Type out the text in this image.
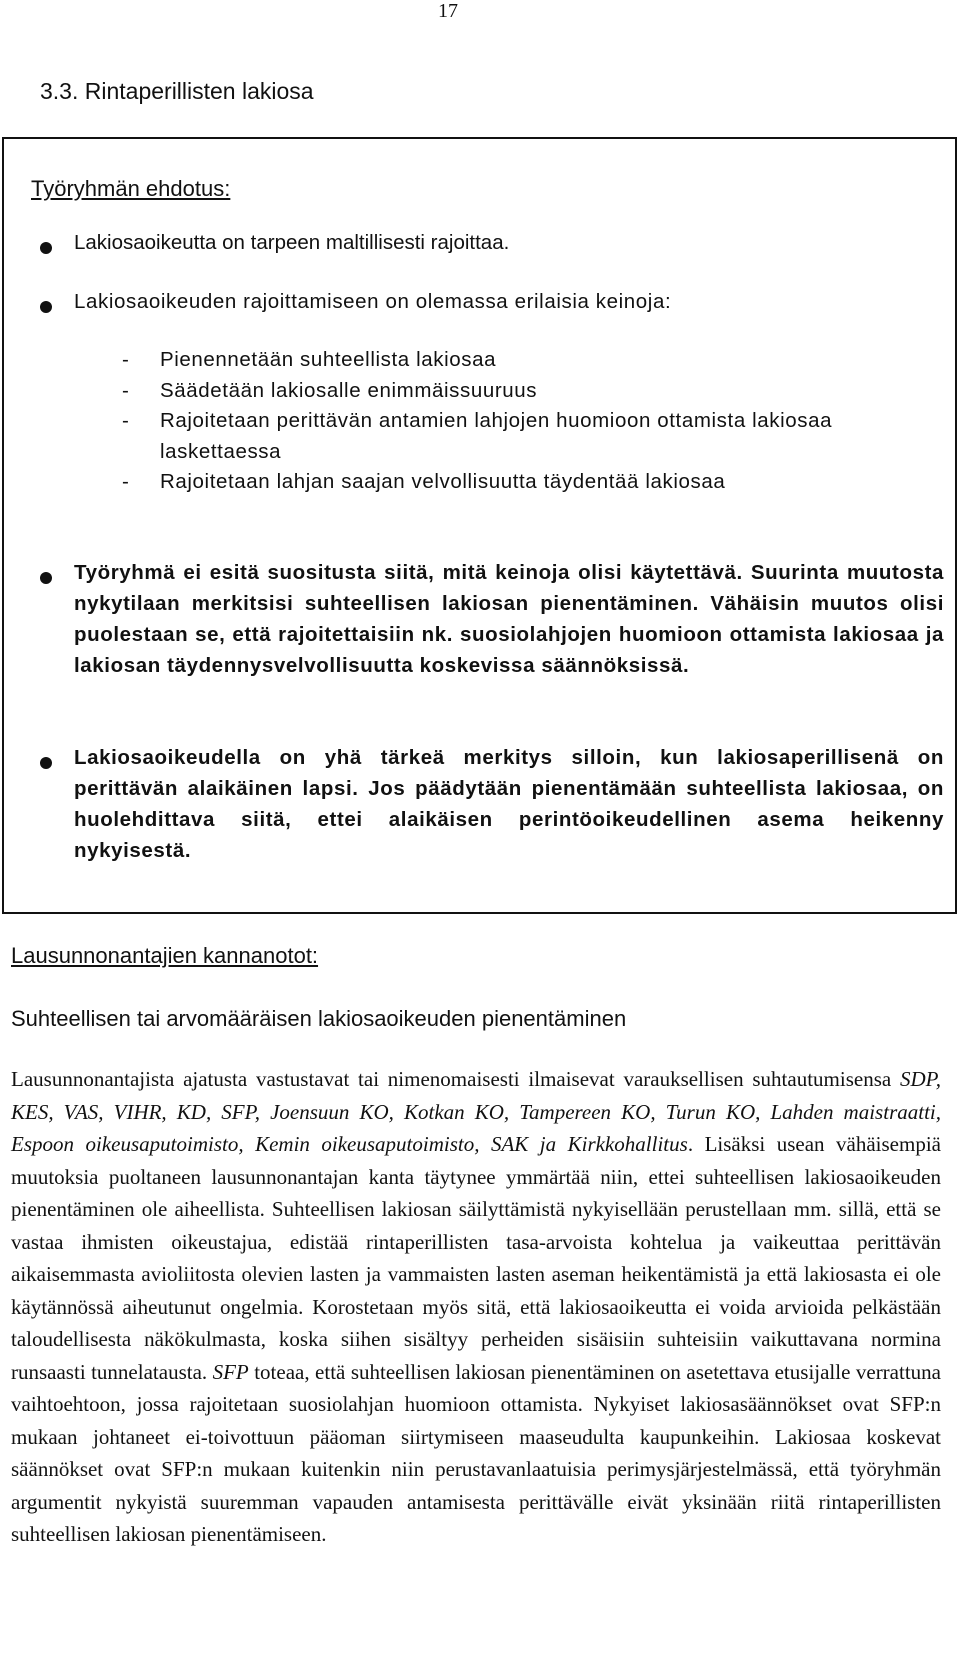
17
3.3. Rintaperillisten lakiosa
Työryhmän ehdotus:

Lakiosaoikeutta on tarpeen maltillisesti rajoittaa.

Lakiosaoikeuden rajoittamiseen on olemassa erilaisia keinoja:

- Pienennetään suhteellista lakiosaa
- Säädetään lakiosalle enimmäissuuruus
- Rajoitetaan perittävän antamien lahjojen huomioon ottamista lakiosaa laskettaessa
- Rajoitetaan lahjan saajan velvollisuutta täydentää lakiosaa

Työryhmä ei esitä suositusta siitä, mitä keinoja olisi käytettävä. Suurinta muutosta nykytilaan merkitsisi suhteellisen lakiosan pienentäminen. Vähäisin muutos olisi puolestaan se, että rajoitettaisiin nk. suosiolahjojen huomioon ottamista lakiosaa ja lakiosan täydennysvelvollisuutta koskevissa säännöksissä.

Lakiosaoikeudella on yhä tärkeä merkitys silloin, kun lakiosaperillisenä on perittävän alaikäinen lapsi. Jos päädytään pienentämään suhteellista lakiosaa, on huolehdittava siitä, ettei alaikäisen perintöoikeudellinen asema heikenny nykyisestä.

Lausunnonantajien kannanotot:
Suhteellisen tai arvomääräisen lakiosaoikeuden pienentäminen

Lausunnonantajista ajatusta vastustavat tai nimenomaisesti ilmaisevat varauksellisen suhtautumisensa SDP, KES, VAS, VIHR, KD, SFP, Joensuun KO, Kotkan KO, Tampereen KO, Turun KO, Lahden maistraatti, Espoon oikeusaputoimisto, Kemin oikeusaputoimisto, SAK ja Kirkkohallitus. Lisäksi usean vähäisempiä muutoksia puoltaneen lausunnonantajan kanta täytynee ymmärtää niin, ettei suhteellisen lakiosaoikeuden pienentäminen ole aiheellista. Suhteellisen lakiosan säilyttämistä nykyisellään perustellaan mm. sillä, että se vastaa ihmisten oikeustajua, edistää rintaperillisten tasa-arvoista kohtelua ja vaikeuttaa perittävän aikaisemmasta avioliitosta olevien lasten ja vammaisten lasten aseman heikentämistä ja että lakiosasta ei ole käytännössä aiheutunut ongelmia. Korostetaan myös sitä, että lakiosaoikeutta ei voida arvioida pelkästään taloudellisesta näkökulmasta, koska siihen sisältyy perheiden sisäisiin suhteisiin vaikuttavana normina runsaasti tunnelatausta. SFP toteaa, että suhteellisen lakiosan pienentäminen on asetettava etusijalle verrattuna vaihtoehtoon, jossa rajoitetaan suosiolahjan huomioon ottamista. Nykyiset lakiosasäännökset ovat SFP:n mukaan johtaneet ei-toivottuun pääoman siirtymiseen maaseudulta kaupunkeihin. Lakiosaa koskevat säännökset ovat SFP:n mukaan kuitenkin niin perustavanlaatuisia perimysjärjestelmässä, että työryhmän argumentit nykyistä suuremman vapauden antamisesta perittävälle eivät yksinään riitä rintaperillisten suhteellisen lakiosan pienentämiseen.
